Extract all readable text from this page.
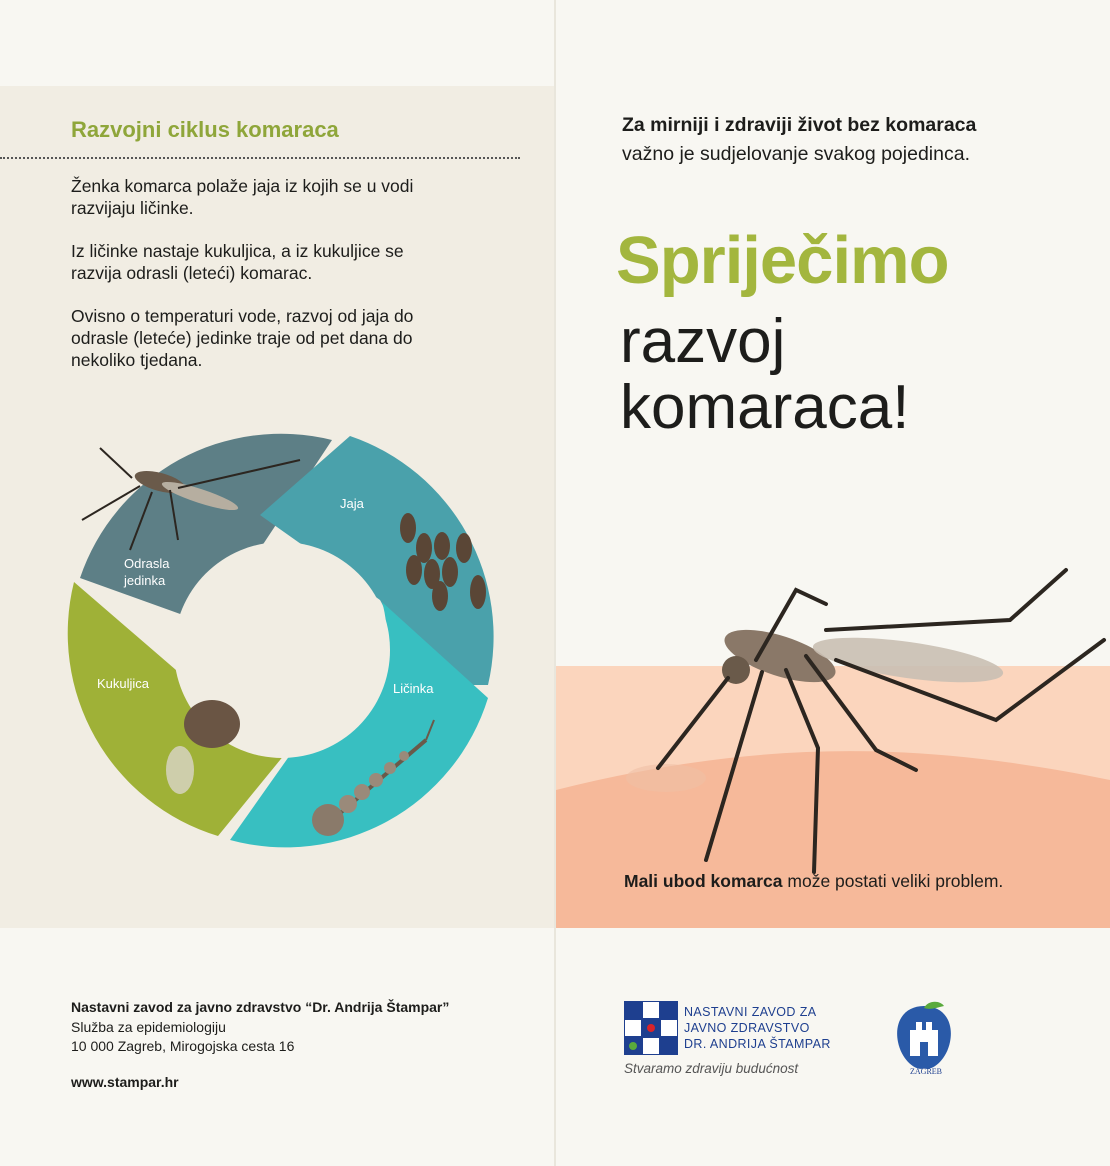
Razvojni ciklus komaraca

Ženka komarca polaže jaja iz kojih se u vodi
razvijaju ličinke.

Iz ličinke nastaje kukuljica, a iz kukuljice se
razvija odrasli (leteći) komarac.

Ovisno o temperaturi vode, razvoj od jaja do
odrasle (leteće) jedinke traje od pet dana do
nekoliko tjedana.

Jaja
Ličinka
Kukuljica
Odrasla
jedinka

Za mirniji i zdraviji život bez komaraca

važno je sudjelovanje svakog pojedinca.

Spriječimo
razvoj
komaraca!

Mali ubod komarca može postati veliki problem.

Nastavni zavod za javno zdravstvo “Dr. Andrija Štampar”
Služba za epidemiologiju
10 000 Zagreb, Mirogojska cesta 16

www.stampar.hr

NASTAVNI ZAVOD ZA
JAVNO ZDRAVSTVO
DR. ANDRIJA ŠTAMPAR

Stvaramo zdraviju budućnost	ZAGREB
